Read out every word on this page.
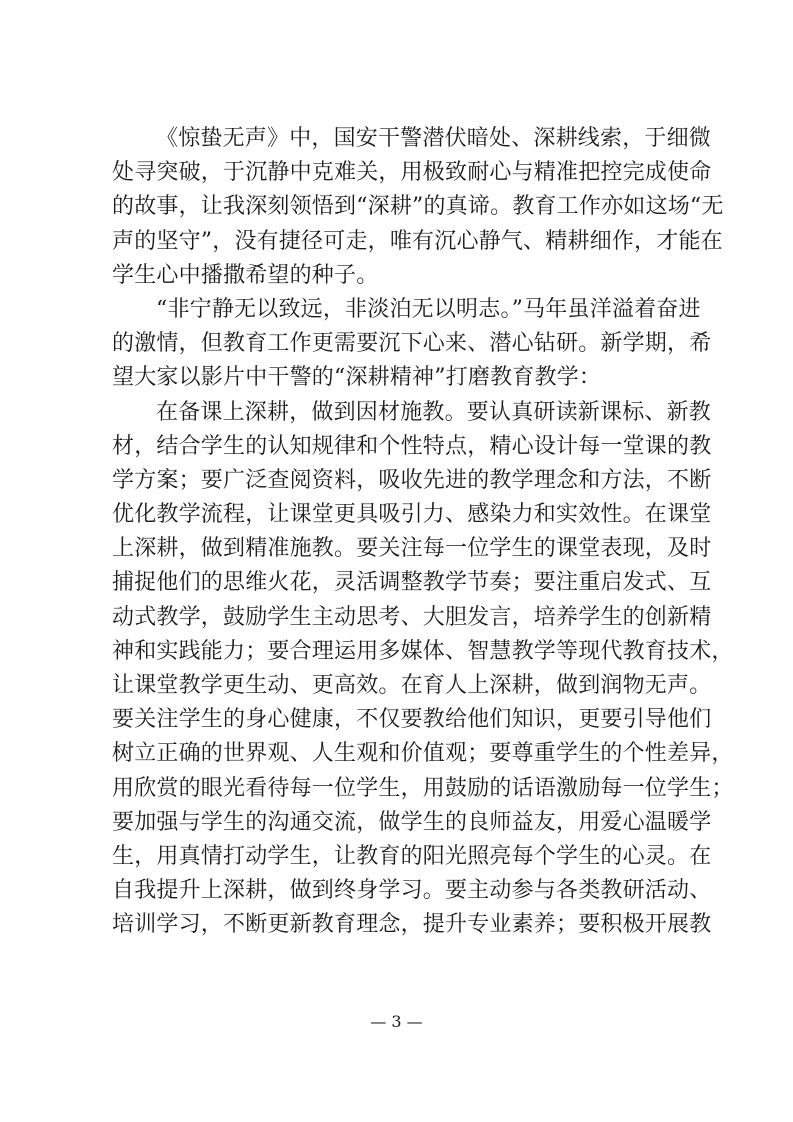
《惊蛰无声》中，国安干警潜伏暗处、深耕线索，于细微
处寻突破，于沉静中克难关，用极致耐心与精准把控完成使命
的故事，让我深刻领悟到“深耕”的真谛。教育工作亦如这场“无
声的坚守”，没有捷径可走，唯有沉心静气、精耕细作，才能在
学生心中播撒希望的种子。
“非宁静无以致远，非淡泊无以明志。”马年虽洋溢着奋进
的激情，但教育工作更需要沉下心来、潜心钻研。新学期，希
望大家以影片中干警的“深耕精神”打磨教育教学：
在备课上深耕，做到因材施教。要认真研读新课标、新教
材，结合学生的认知规律和个性特点，精心设计每一堂课的教
学方案；要广泛查阅资料，吸收先进的教学理念和方法，不断
优化教学流程，让课堂更具吸引力、感染力和实效性。在课堂
上深耕，做到精准施教。要关注每一位学生的课堂表现，及时
捕捉他们的思维火花，灵活调整教学节奏；要注重启发式、互
动式教学，鼓励学生主动思考、大胆发言，培养学生的创新精
神和实践能力；要合理运用多媒体、智慧教学等现代教育技术，
让课堂教学更生动、更高效。在育人上深耕，做到润物无声。
要关注学生的身心健康，不仅要教给他们知识，更要引导他们
树立正确的世界观、人生观和价值观；要尊重学生的个性差异，
用欣赏的眼光看待每一位学生，用鼓励的话语激励每一位学生；
要加强与学生的沟通交流，做学生的良师益友，用爱心温暖学
生，用真情打动学生，让教育的阳光照亮每个学生的心灵。在
自我提升上深耕，做到终身学习。要主动参与各类教研活动、
培训学习，不断更新教育理念，提升专业素养；要积极开展教
— 3 —
